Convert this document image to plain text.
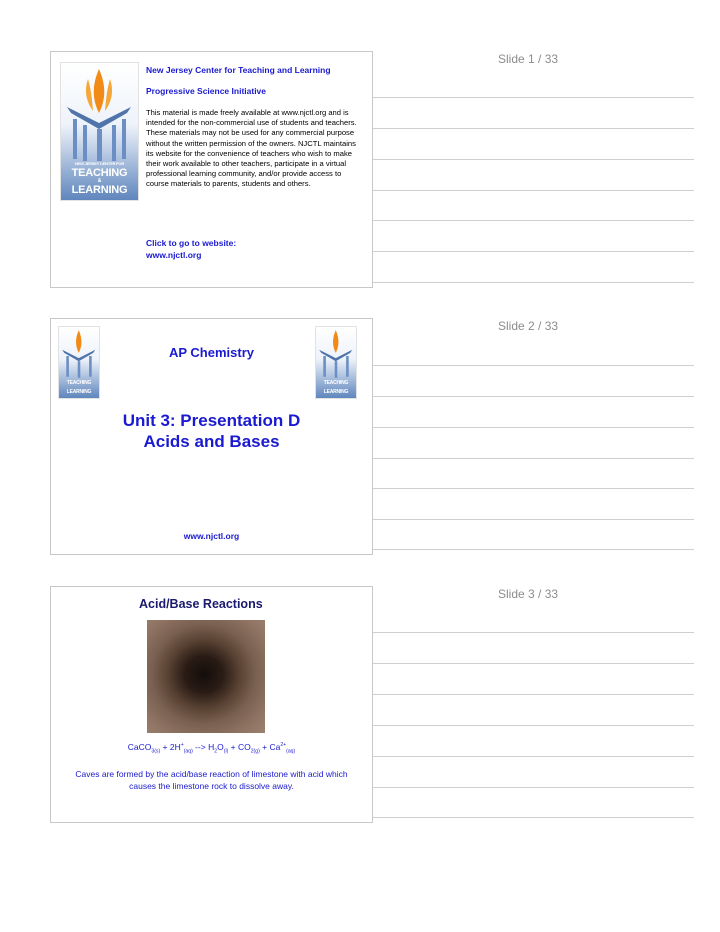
Slide 1 / 33
NEW JERSEY CENTER FOR
TEACHING
&
LEARNING
New Jersey Center for Teaching and Learning
Progressive Science Initiative
This material is made freely available at www.njctl.org and is intended for the non-commercial use of students and teachers. These materials may not be used for any commercial purpose without the written permission of the owners. NJCTL maintains its website for the convenience of teachers who wish to make their work available to other teachers, participate in a virtual professional learning community, and/or provide access to course materials to parents, students and others.
Click to go to website:
www.njctl.org
Slide 2 / 33
TEACHING
LEARNING
TEACHING
LEARNING
AP Chemistry
Unit 3: Presentation D
Acids and Bases
www.njctl.org
Slide 3 / 33
Acid/Base Reactions
CaCO$_{3(s)}$ + $2H^+_{(aq)}$ --> $H_2O_{(l)} + CO_{2(g)} + Ca^{2+}_{(aq)}$
Caves are formed by the acid/base reaction of limestone with acid which causes the limestone rock to dissolve away.
